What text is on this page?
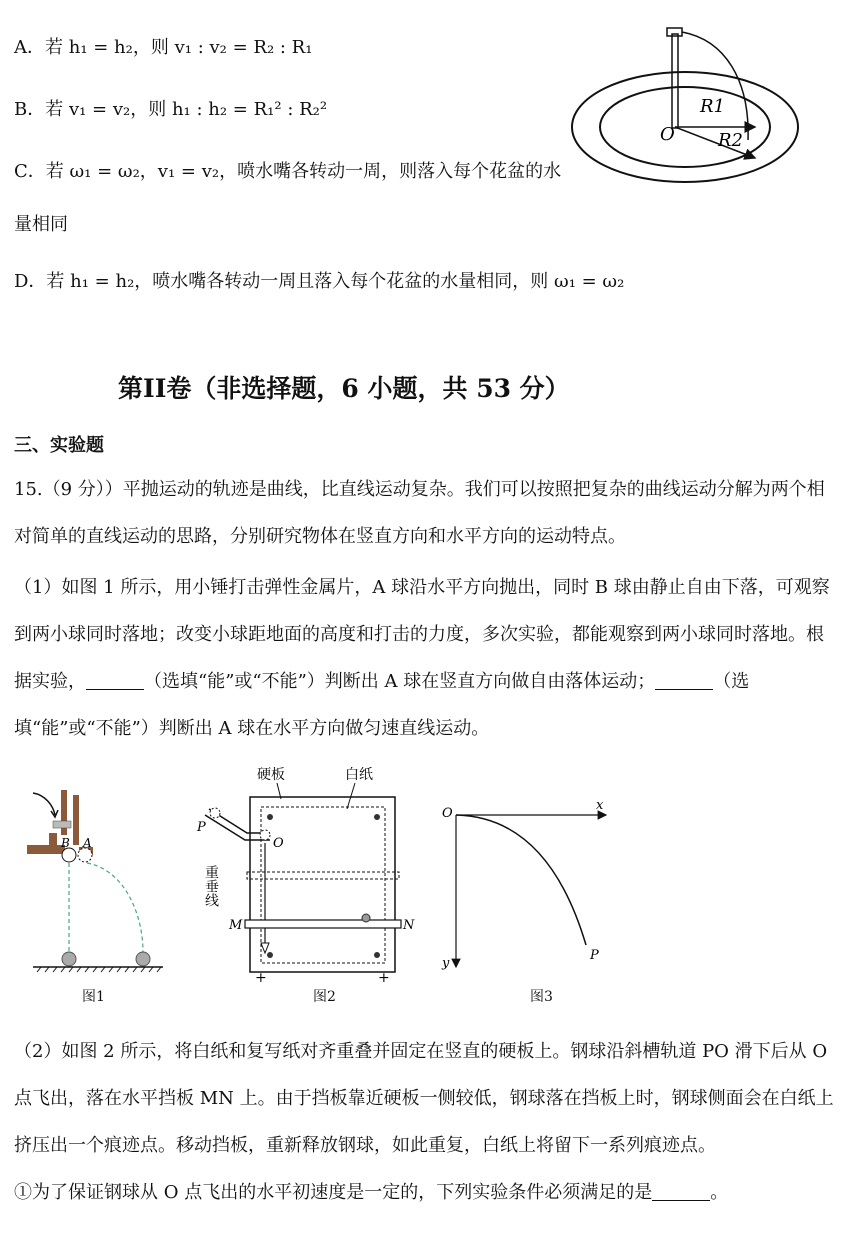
A．若 h₁ = h₂，则 v₁ : v₂ = R₂ : R₁
B．若 v₁ = v₂，则 h₁ : h₂ = R₁² : R₂²
C．若 ω₁ = ω₂，v₁ = v₂，喷水嘴各转动一周，则落入每个花盆的水
量相同
D．若 h₁ = h₂，喷水嘴各转动一周且落入每个花盆的水量相同，则 ω₁ = ω₂
R1
R2
O
第II卷（非选择题，6 小题，共 53 分）
三、实验题
15.（9 分））平抛运动的轨迹是曲线，比直线运动复杂。我们可以按照把复杂的曲线运动分解为两个相对简单的直线运动的思路，分别研究物体在竖直方向和水平方向的运动特点。
（1）如图 1 所示，用小锤打击弹性金属片，A 球沿水平方向抛出，同时 B 球由静止自由下落，可观察到两小球同时落地；改变小球距地面的高度和打击的力度，多次实验，都能观察到两小球同时落地。根据实验，	（选填“能”或“不能”）判断出 A 球在竖直方向做自由落体运动；	（选填“能”或“不能”）判断出 A 球在水平方向做匀速直线运动。
B A
图1
硬板	白纸
P
O
重垂线
M	N
+	+
图2
O
x
y
P
图3
（2）如图 2 所示，将白纸和复写纸对齐重叠并固定在竖直的硬板上。钢球沿斜槽轨道 PO 滑下后从 O 点飞出，落在水平挡板 MN 上。由于挡板靠近硬板一侧较低，钢球落在挡板上时，钢球侧面会在白纸上挤压出一个痕迹点。移动挡板，重新释放钢球，如此重复，白纸上将留下一系列痕迹点。
①为了保证钢球从 O 点飞出的水平初速度是一定的，下列实验条件必须满足的是	。
